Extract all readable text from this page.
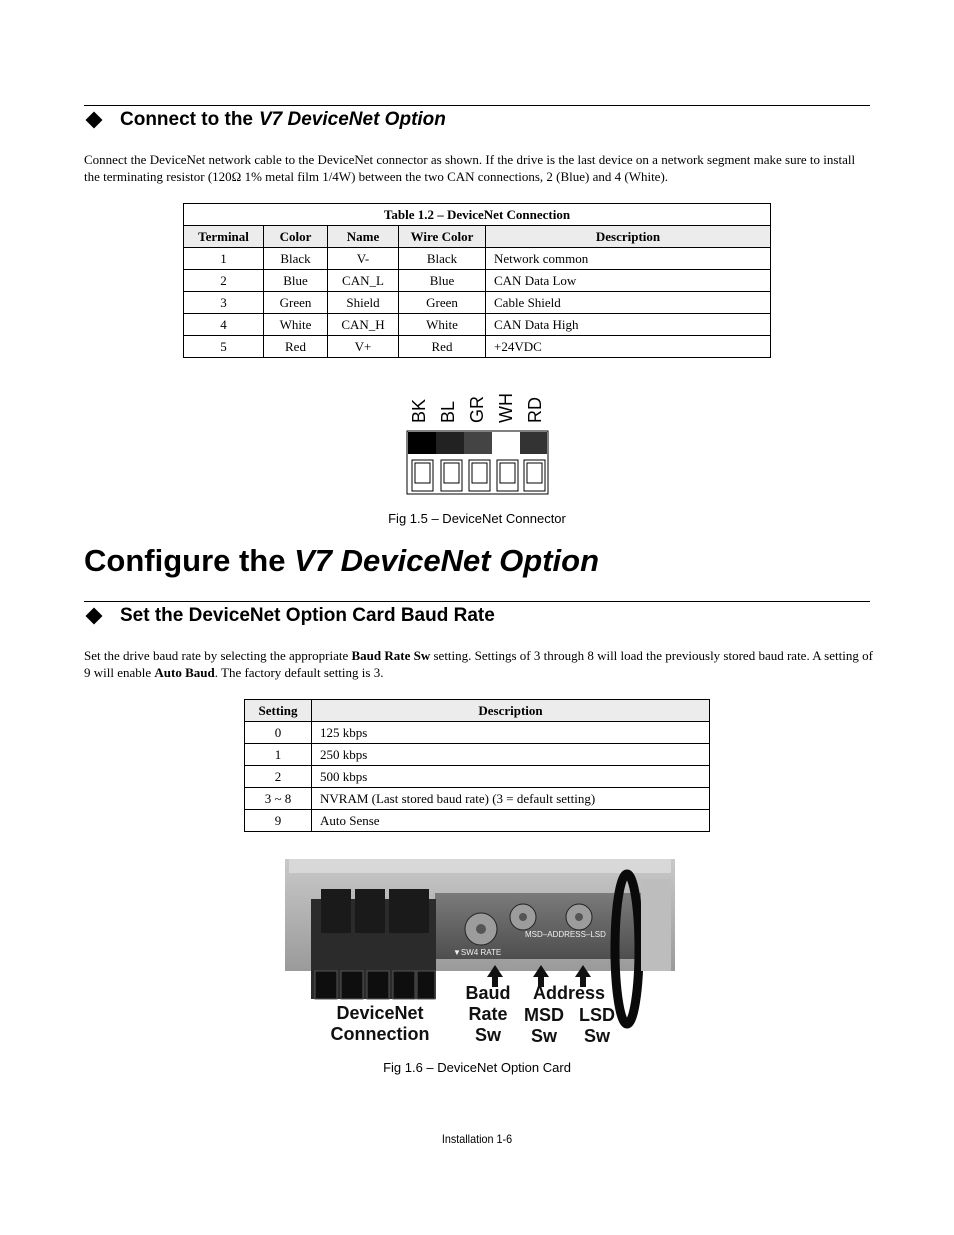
Connect to the V7 DeviceNet Option
Connect the DeviceNet network cable to the DeviceNet connector as shown. If the drive is the last device on a network segment make sure to install the terminating resistor (120Ω 1% metal film 1/4W) between the two CAN connections, 2 (Blue) and 4 (White).
Table 1.2 – DeviceNet Connection				
Terminal	Color	Name	Wire Color	Description
1	Black	V-	Black	Network common
2	Blue	CAN_L	Blue	CAN Data Low
3	Green	Shield	Green	Cable Shield
4	White	CAN_H	White	CAN Data High
5	Red	V+	Red	+24VDC
BK BL GR WH RD
Fig 1.5 – DeviceNet Connector
Configure the V7 DeviceNet Option
Set the DeviceNet Option Card Baud Rate
Set the drive baud rate by selecting the appropriate Baud Rate Sw setting. Settings of 3 through 8 will load the previously stored baud rate. A setting of 9 will enable Auto Baud. The factory default setting is 3.
Setting	Description
0	125 kbps
1	250 kbps
2	500 kbps
3 ~ 8	NVRAM (Last stored baud rate) (3 = default setting)
9	Auto Sense
▼SW4 RATE
MSD–ADDRESS–LSD
DeviceNet Connection
Baud Rate Sw
Address
MSD Sw
LSD Sw
Fig 1.6 – DeviceNet Option Card
Installation 1-6
